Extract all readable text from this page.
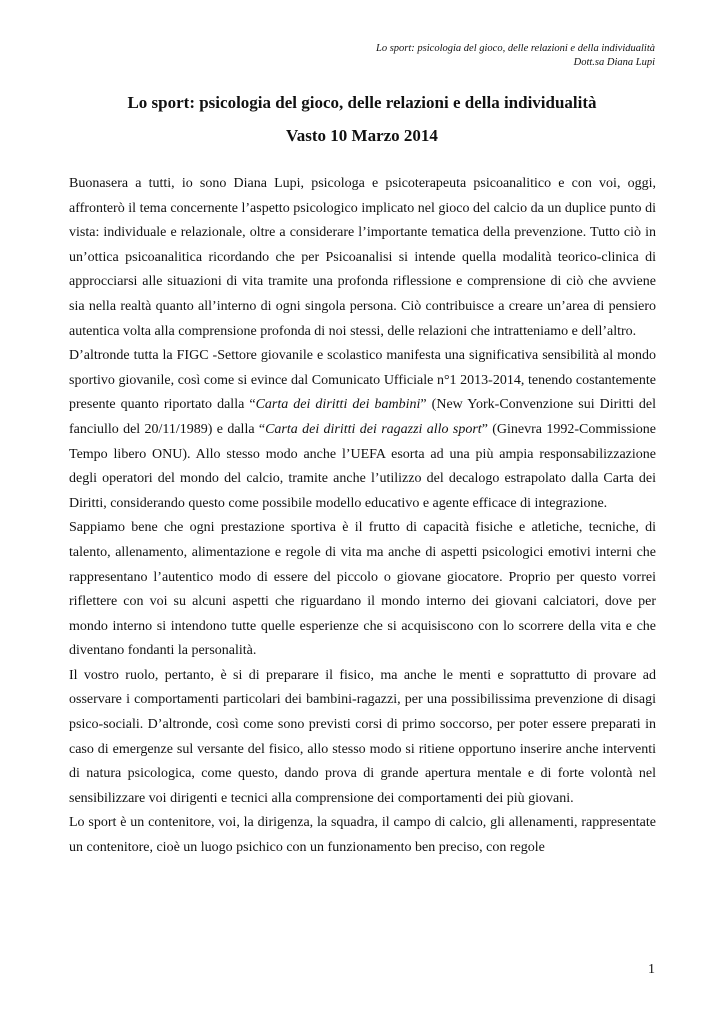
Lo sport: psicologia del gioco, delle relazioni e della individualità
Dott.sa Diana Lupi
Lo sport: psicologia del gioco, delle relazioni e della individualità
Vasto 10 Marzo 2014

Buonasera a tutti, io sono Diana Lupi, psicologa e psicoterapeuta psicoanalitico e con voi, oggi, affronterò il tema concernente l’aspetto psicologico implicato nel gioco del calcio da un duplice punto di vista: individuale e relazionale, oltre a considerare l’importante tematica della prevenzione. Tutto ciò in un’ottica psicoanalitica ricordando che per Psicoanalisi si intende quella modalità teorico-clinica di approcciarsi alle situazioni di vita tramite una profonda riflessione e comprensione di ciò che avviene sia nella realtà quanto all’interno di ogni singola persona. Ciò contribuisce a creare un’area di pensiero autentica volta alla comprensione profonda di noi stessi, delle relazioni che intratteniamo e dell’altro.

D’altronde tutta la FIGC -Settore giovanile e scolastico manifesta una significativa sensibilità al mondo sportivo giovanile, così come si evince dal Comunicato Ufficiale n°1 2013-2014, tenendo costantemente presente quanto riportato dalla “Carta dei diritti dei bambini” (New York-Convenzione sui Diritti del fanciullo del 20/11/1989) e dalla “Carta dei diritti dei ragazzi allo sport” (Ginevra 1992-Commissione Tempo libero ONU). Allo stesso modo anche l’UEFA esorta ad una più ampia responsabilizzazione degli operatori del mondo del calcio, tramite anche l’utilizzo del decalogo estrapolato dalla Carta dei Diritti, considerando questo come possibile modello educativo e agente efficace di integrazione.

Sappiamo bene che ogni prestazione sportiva è il frutto di capacità fisiche e atletiche, tecniche, di talento, allenamento, alimentazione e regole di vita ma anche di aspetti psicologici emotivi interni che rappresentano l’autentico modo di essere del piccolo o giovane giocatore. Proprio per questo vorrei riflettere con voi su alcuni aspetti che riguardano il mondo interno dei giovani calciatori, dove per mondo interno si intendono tutte quelle esperienze che si acquisiscono con lo scorrere della vita e che diventano fondanti la personalità.

Il vostro ruolo, pertanto, è si di preparare il fisico, ma anche le menti e soprattutto di provare ad osservare i comportamenti particolari dei bambini-ragazzi, per una possibilissima prevenzione di disagi psico-sociali. D’altronde, così come sono previsti corsi di primo soccorso, per poter essere preparati in caso di emergenze sul versante del fisico, allo stesso modo si ritiene opportuno inserire anche interventi di natura psicologica, come questo, dando prova di grande apertura mentale e di forte volontà nel sensibilizzare voi dirigenti e tecnici alla comprensione dei comportamenti dei più giovani.

Lo sport è un contenitore, voi, la dirigenza, la squadra, il campo di calcio, gli allenamenti, rappresentate un contenitore, cioè un luogo psichico con un funzionamento ben preciso, con regole

1
